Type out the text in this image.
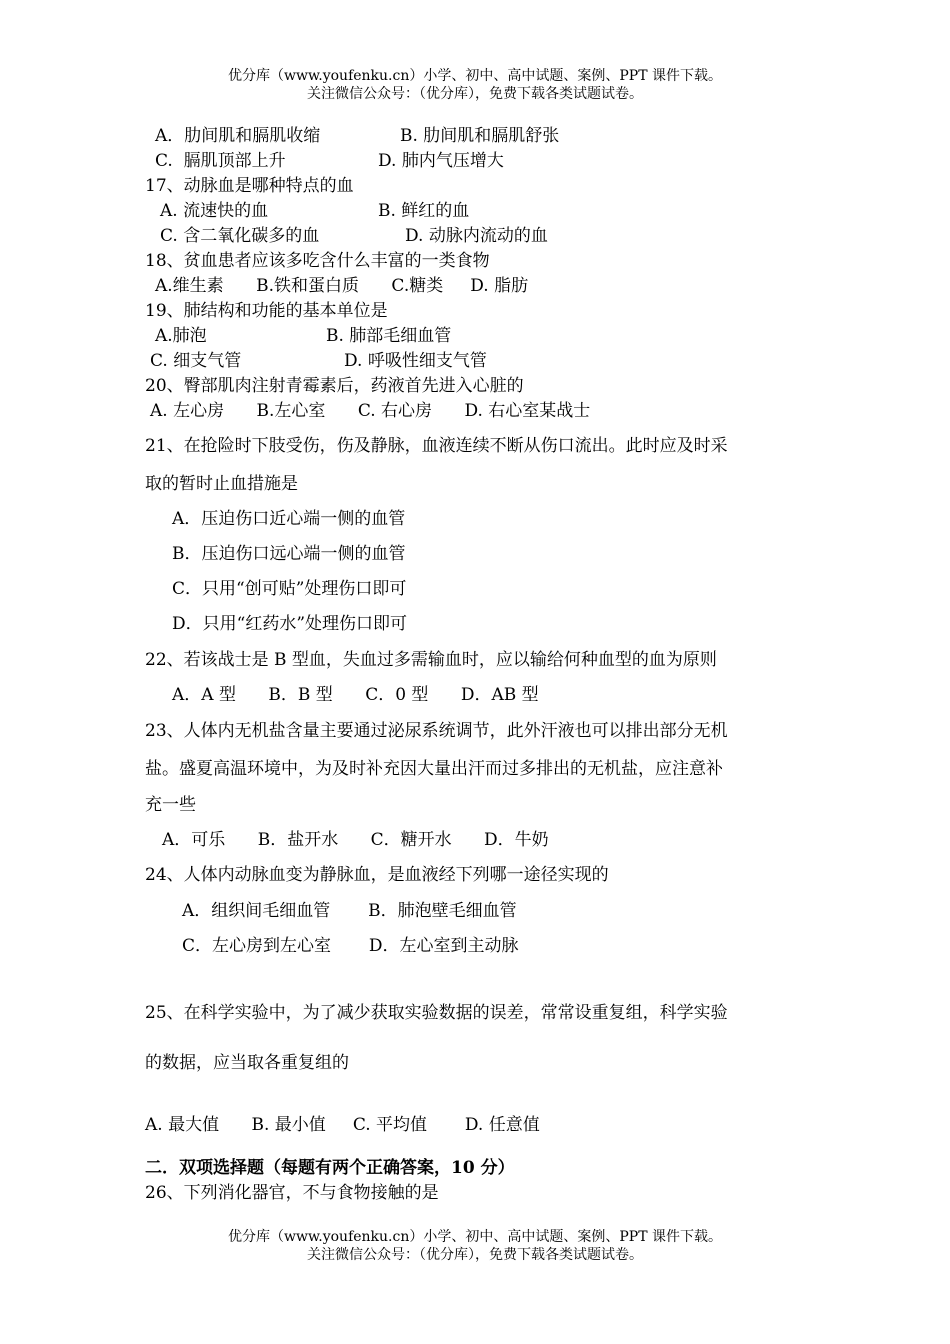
优分库（www.youfenku.cn）小学、初中、高中试题、案例、PPT 课件下载。
关注微信公众号：（优分库），免费下载各类试题试卷。
A．肋间肌和膈肌收缩	B. 肋间肌和膈肌舒张
C.  膈肌顶部上升	D. 肺内气压增大
17、动脉血是哪种特点的血
A. 流速快的血	B. 鲜红的血
C. 含二氧化碳多的血	D. 动脉内流动的血
18、贫血患者应该多吃含什么丰富的一类食物
A.维生素      B.铁和蛋白质      C.糖类     D. 脂肪
19、肺结构和功能的基本单位是
A.肺泡	B. 肺部毛细血管
C. 细支气管	D. 呼吸性细支气管
20、臀部肌肉注射青霉素后，药液首先进入心脏的
A. 左心房      B.左心室      C. 右心房      D. 右心室某战士
21、在抢险时下肢受伤，伤及静脉，血液连续不断从伤口流出。此时应及时采
取的暂时止血措施是
A．压迫伤口近心端一侧的血管
B．压迫伤口远心端一侧的血管
C．只用“创可贴”处理伤口即可
D．只用“红药水”处理伤口即可
22、若该战士是 B 型血，失血过多需输血时，应以输给何种血型的血为原则
A．A 型      B．B 型      C．0 型      D．AB 型
23、人体内无机盐含量主要通过泌尿系统调节，此外汗液也可以排出部分无机
盐。盛夏高温环境中，为及时补充因大量出汗而过多排出的无机盐，应注意补
充一些
A．可乐      B．盐开水      C．糖开水      D．牛奶
24、人体内动脉血变为静脉血，是血液经下列哪一途径实现的
A．组织间毛细血管       B．肺泡壁毛细血管
C．左心房到左心室       D．左心室到主动脉
25、在科学实验中，为了减少获取实验数据的误差，常常设重复组，科学实验
的数据，应当取各重复组的
A. 最大值      B. 最小值     C. 平均值       D. 任意值
二．双项选择题（每题有两个正确答案，10 分）
26、下列消化器官，不与食物接触的是
优分库（www.youfenku.cn）小学、初中、高中试题、案例、PPT 课件下载。
关注微信公众号：（优分库），免费下载各类试题试卷。
